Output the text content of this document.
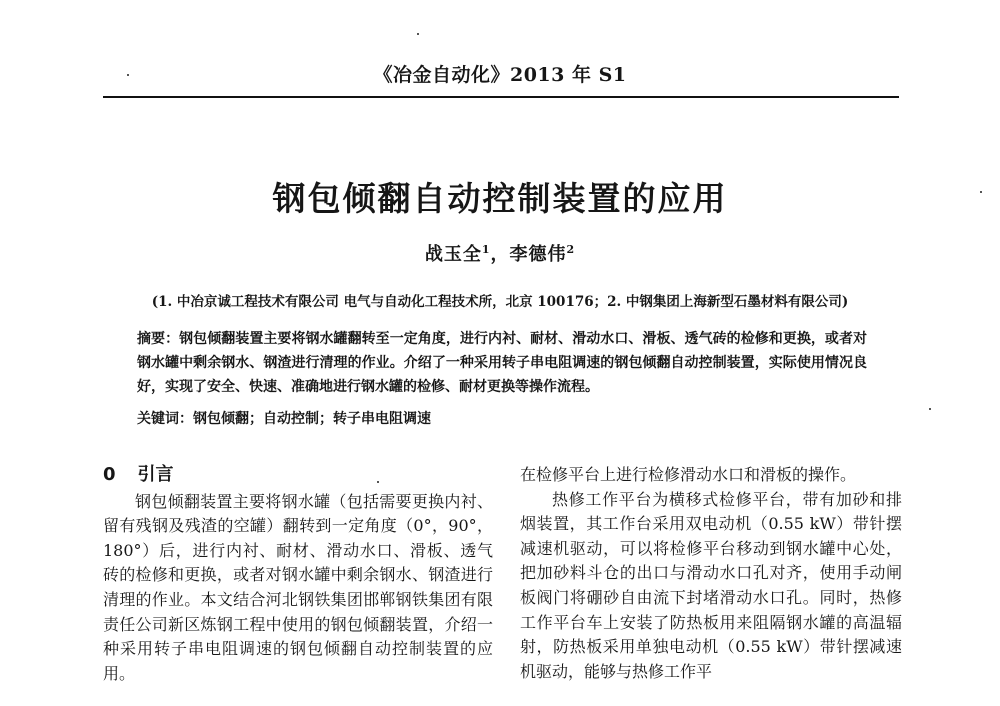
《冶金自动化》2013 年 S1
钢包倾翻自动控制装置的应用
战玉全$^1$，李德伟$^2$
(1. 中冶京诚工程技术有限公司 电气与自动化工程技术所，北京 100176；2. 中钢集团上海新型石墨材料有限公司)
摘要：钢包倾翻装置主要将钢水罐翻转至一定角度，进行内衬、耐材、滑动水口、滑板、透气砖的检修和更换，或者对钢水罐中剩余钢水、钢渣进行清理的作业。介绍了一种采用转子串电阻调速的钢包倾翻自动控制装置，实际使用情况良好，实现了安全、快速、准确地进行钢水罐的检修、耐材更换等操作流程。
关键词：钢包倾翻；自动控制；转子串电阻调速
0 引言

钢包倾翻装置主要将钢水罐（包括需要更换内衬、留有残钢及残渣的空罐）翻转到一定角度（0°，90°，180°）后，进行内衬、耐材、滑动水口、滑板、透气砖的检修和更换，或者对钢水罐中剩余钢水、钢渣进行清理的作业。本文结合河北钢铁集团邯郸钢铁集团有限责任公司新区炼钢工程中使用的钢包倾翻装置，介绍一种采用转子串电阻调速的钢包倾翻自动控制装置的应用。

在检修平台上进行检修滑动水口和滑板的操作。

热修工作平台为横移式检修平台，带有加砂和排烟装置，其工作台采用双电动机（0.55 kW）带针摆减速机驱动，可以将检修平台移动到钢水罐中心处，把加砂料斗仓的出口与滑动水口孔对齐，使用手动闸板阀门将硼砂自由流下封堵滑动水口孔。同时，热修工作平台车上安装了防热板用来阻隔钢水罐的高温辐射，防热板采用单独电动机（0.55 kW）带针摆减速机驱动，能够与热修工作平
